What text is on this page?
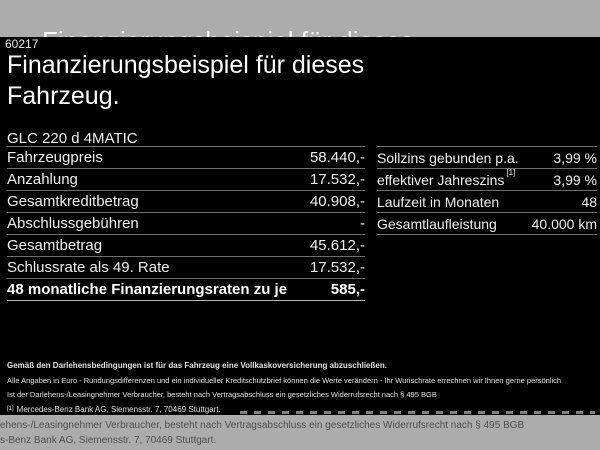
60217
Finanzierungsbeispiel für dieses Fahrzeug.
GLC 220 d 4MATIC
Fahrzeugpreis	58.440,-
Anzahlung	17.532,-
Gesamtkreditbetrag	40.908,-
Abschlussgebühren	-
Gesamtbetrag	45.612,-
Schlussrate als 49. Rate	17.532,-
48 monatliche Finanzierungsraten zu je	585,-
Sollzins gebunden p.a. 3,99 %
effektiver Jahreszins [1]	3,99 %
Laufzeit in Monaten	48
Gesamtlaufleistung 40.000 km
Gemäß den Darlehensbedingungen ist für das Fahrzeug eine Vollkaskoversicherung abzuschließen.
Alle Angaben in Euro - Rundungsdifferenzen und ein individueller Kreditschutzbrief können die Werte verändern - Ihr Wunschrate errechnen wir Ihnen gerne persönlich
Ist der Darlehens-/Leasingnehmer Verbraucher, besteht nach Vertragsabschluss ein gesetzliches Widerrufsrecht nach § 495 BGB
[1] Mercedes-Benz Bank AG, Siemensstr. 7, 70469 Stuttgart.
ehens-/Leasingnehmer Verbraucher, besteht nach Vertragsabschluss ein gesetzliches Widerrufsrecht nach § 495 BGB
s-Benz Bank AG, Siemensstr. 7, 70469 Stuttgart.
